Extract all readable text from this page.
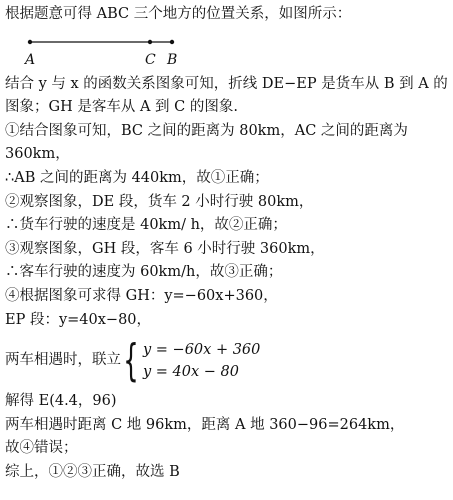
根据题意可得 ABC 三个地方的位置关系，如图所示：
A	C B
结合 y 与 x 的函数关系图象可知，折线 DE−EP 是货车从 B 到 A 的图象；GH 是客车从 A 到 C 的图象.
①结合图象可知，BC 之间的距离为 80km，AC 之间的距离为 360km，
∴AB 之间的距离为 440km，故①正确；
②观察图象，DE 段，货车 2 小时行驶 80km，
∴货车行驶的速度是 40km/ h，故②正确；
③观察图象，GH 段，客车 6 小时行驶 360km，
∴客车行驶的速度为 60km/h，故③正确；
④根据图象可求得 GH：y=−60x+360，
EP 段：y=40x−80，
两车相遇时，联立 { y = −60x + 360
y = 40x − 80
解得 E(4.4，96)
两车相遇时距离 C 地 96km，距离 A 地 360−96=264km，
故④错误；
综上，①②③正确，故选 B
